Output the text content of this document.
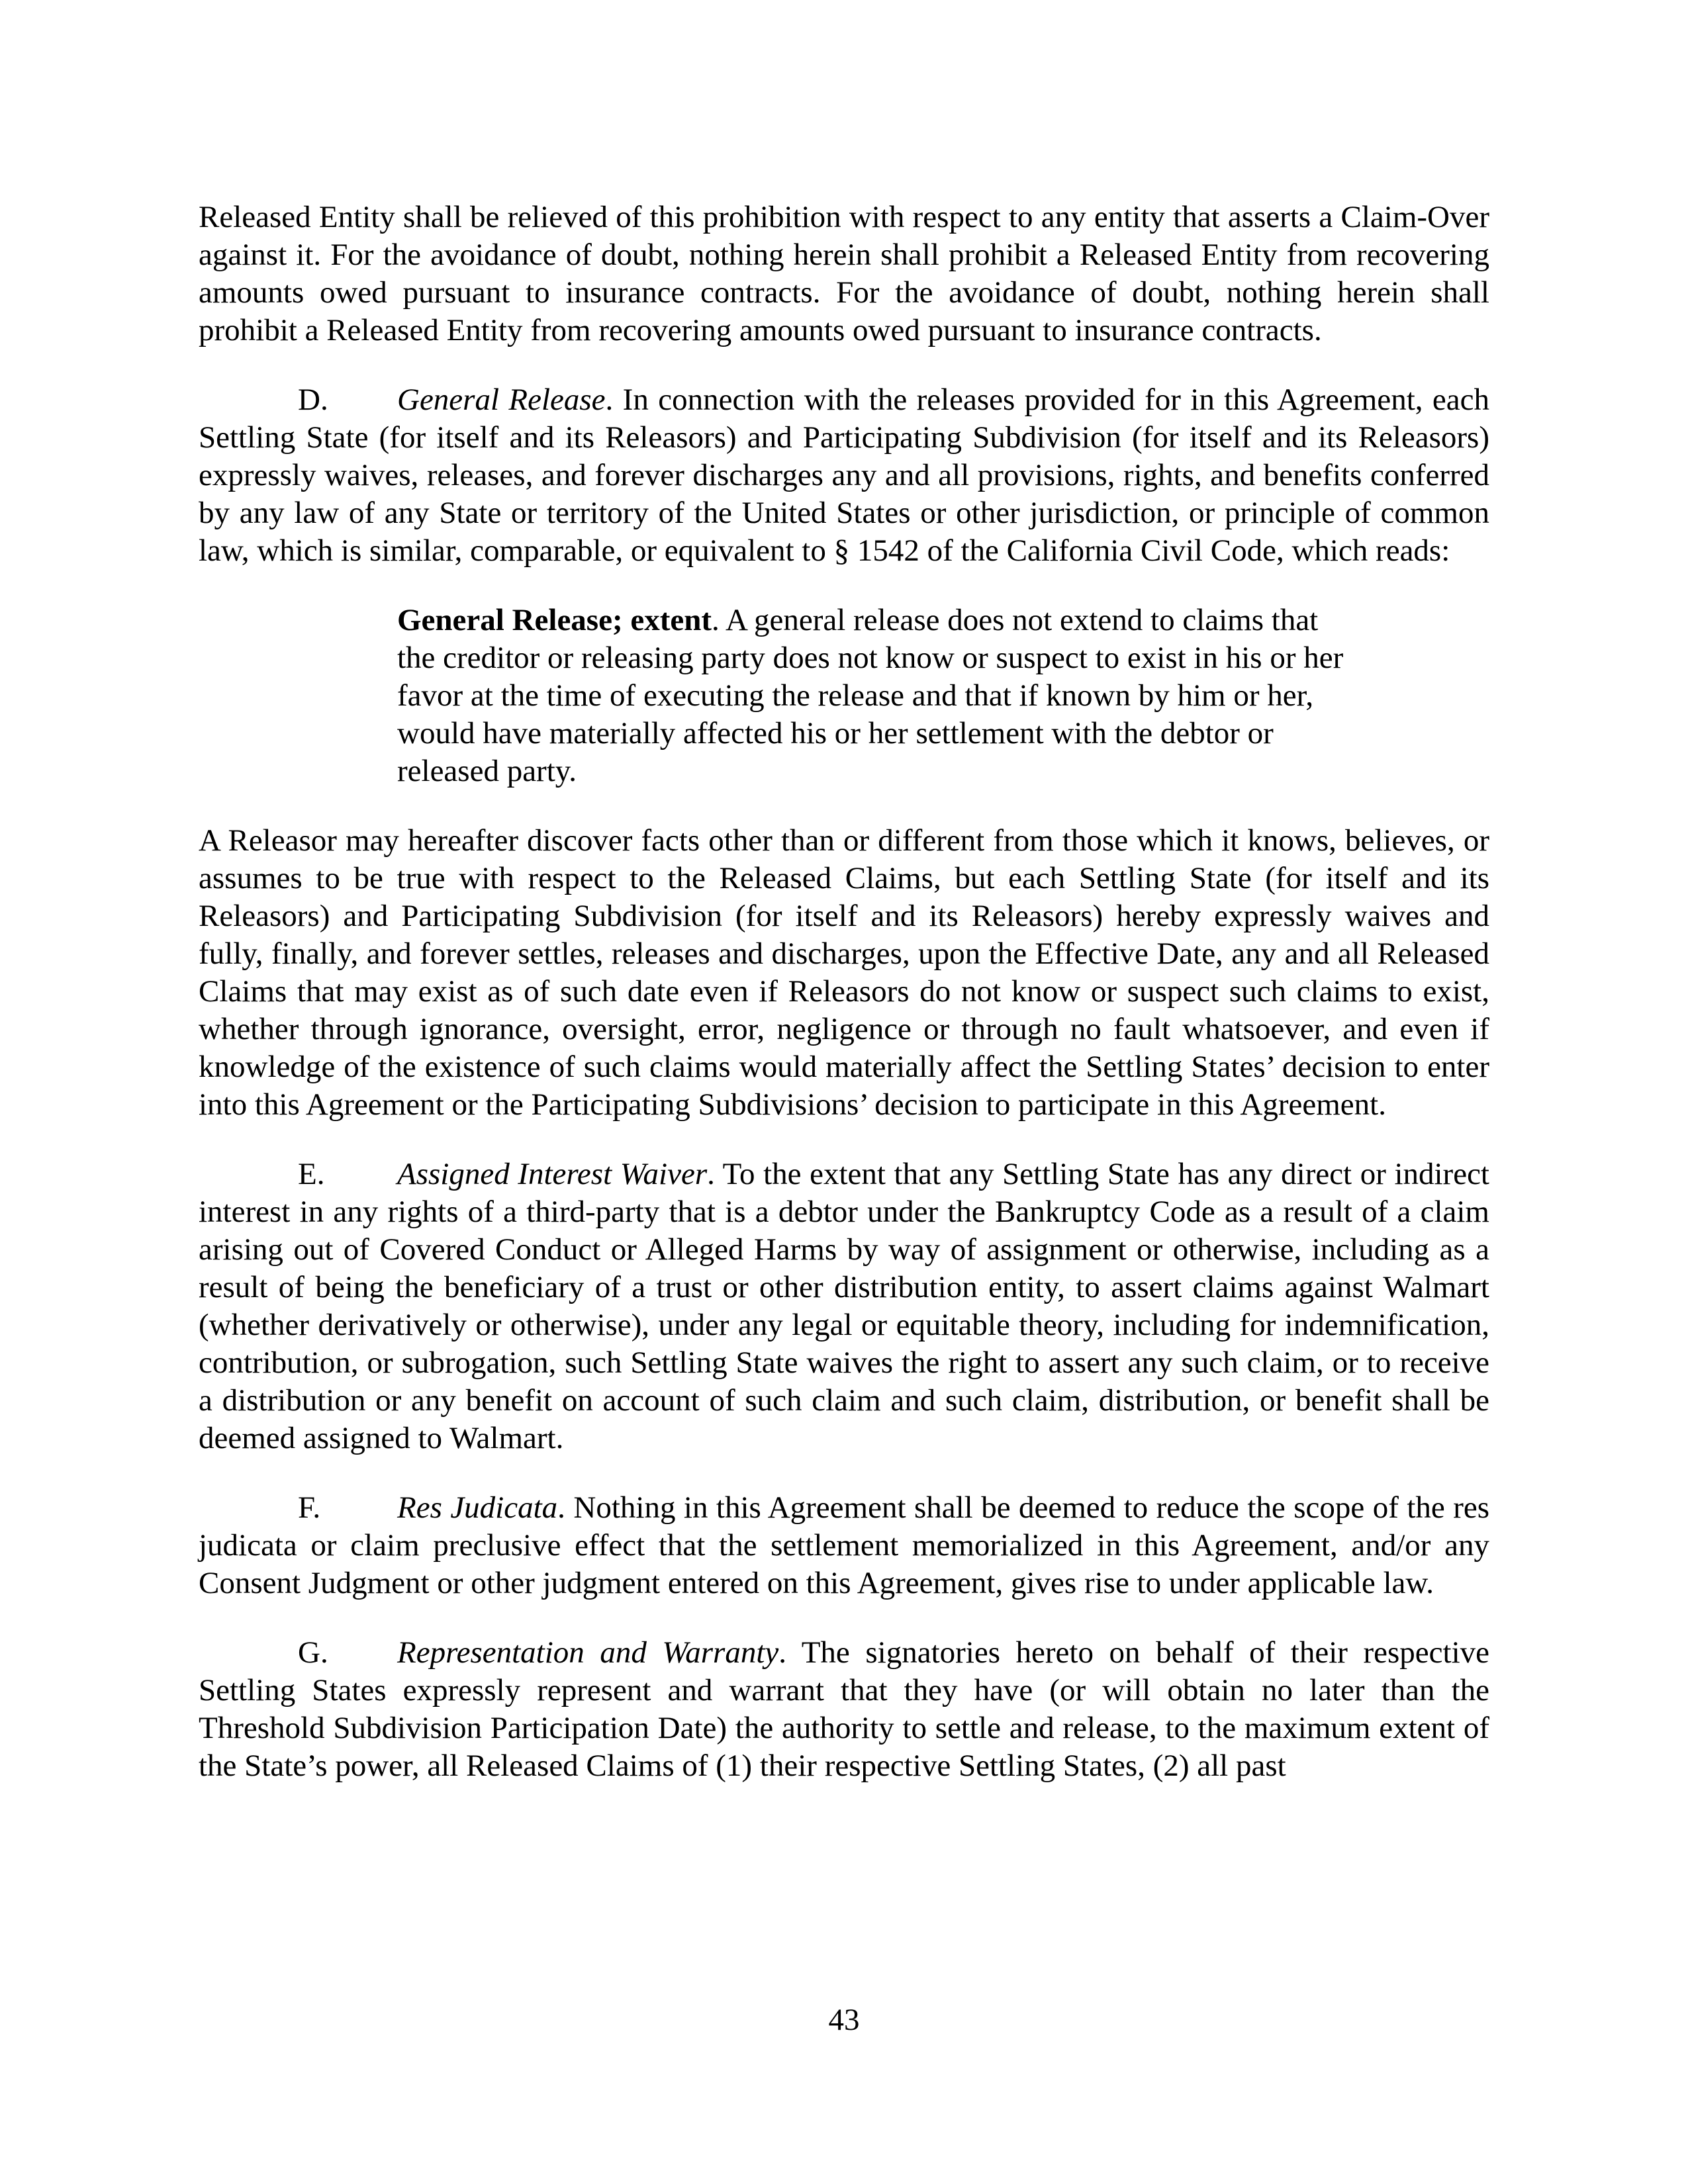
Released Entity shall be relieved of this prohibition with respect to any entity that asserts a Claim-Over against it. For the avoidance of doubt, nothing herein shall prohibit a Released Entity from recovering amounts owed pursuant to insurance contracts. For the avoidance of doubt, nothing herein shall prohibit a Released Entity from recovering amounts owed pursuant to insurance contracts.

D. General Release. In connection with the releases provided for in this Agreement, each Settling State (for itself and its Releasors) and Participating Subdivision (for itself and its Releasors) expressly waives, releases, and forever discharges any and all provisions, rights, and benefits conferred by any law of any State or territory of the United States or other jurisdiction, or principle of common law, which is similar, comparable, or equivalent to § 1542 of the California Civil Code, which reads:

General Release; extent. A general release does not extend to claims that the creditor or releasing party does not know or suspect to exist in his or her favor at the time of executing the release and that if known by him or her, would have materially affected his or her settlement with the debtor or released party.

A Releasor may hereafter discover facts other than or different from those which it knows, believes, or assumes to be true with respect to the Released Claims, but each Settling State (for itself and its Releasors) and Participating Subdivision (for itself and its Releasors) hereby expressly waives and fully, finally, and forever settles, releases and discharges, upon the Effective Date, any and all Released Claims that may exist as of such date even if Releasors do not know or suspect such claims to exist, whether through ignorance, oversight, error, negligence or through no fault whatsoever, and even if knowledge of the existence of such claims would materially affect the Settling States’ decision to enter into this Agreement or the Participating Subdivisions’ decision to participate in this Agreement.

E. Assigned Interest Waiver. To the extent that any Settling State has any direct or indirect interest in any rights of a third-party that is a debtor under the Bankruptcy Code as a result of a claim arising out of Covered Conduct or Alleged Harms by way of assignment or otherwise, including as a result of being the beneficiary of a trust or other distribution entity, to assert claims against Walmart (whether derivatively or otherwise), under any legal or equitable theory, including for indemnification, contribution, or subrogation, such Settling State waives the right to assert any such claim, or to receive a distribution or any benefit on account of such claim and such claim, distribution, or benefit shall be deemed assigned to Walmart.

F. Res Judicata. Nothing in this Agreement shall be deemed to reduce the scope of the res judicata or claim preclusive effect that the settlement memorialized in this Agreement, and/or any Consent Judgment or other judgment entered on this Agreement, gives rise to under applicable law.

G. Representation and Warranty. The signatories hereto on behalf of their respective Settling States expressly represent and warrant that they have (or will obtain no later than the Threshold Subdivision Participation Date) the authority to settle and release, to the maximum extent of the State’s power, all Released Claims of (1) their respective Settling States, (2) all past

43
